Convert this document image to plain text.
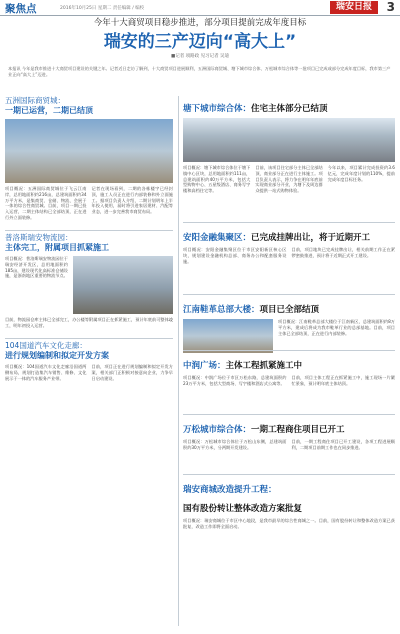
聚焦点	2016年10月25日 星期二 责任编辑 / 编校	瑞安日报	3
今年十大商贸项目稳步推进，部分项目提前完成年度目标
瑞安的三产迈向“高大上”
■记者 项路政 见习记者 吴迪
本报讯 今年是我市推进十大商贸项目建设的关键之年。记者近日走访了解到，十大商贸项目进展顺利，五洲国际商贸城、塘下城市综合体、万松城市综合体等一批项目已完成或部分完成年度目标，我市第三产业正向“高大上”迈进。
五洲国际商贸城：
一期已运营，二期已结顶
项目概况：五洲国际商贸城位于飞云江南岸，总用地面积约216亩，总建筑面积约34万平方米，是集商贸、仓储、物流、会展于一体的综合性商贸城。目前，项目一期已投入运营，二期主体结构已全部结顶，正在进行外立面装修。
记者在现场看到，二期的各栋楼宇已经封顶，施工人员正在进行内部装修和外立面施工。据项目负责人介绍，二期计划明年上半年投入使用，届时将引进家居建材、汽配等业态，进一步完善我市商贸布局。
普洛斯瑞安物流园：
主体完工，附属项目抓紧施工
项目概况：普洛斯瑞安物流园位于瑞安经济开发区，总用地面积约185亩，建设现代化高标准仓储设施，是浙南地区重要的物流节点。
目前，物流园仓库主体已全部完工，办公楼等附属项目正在抓紧施工，预计年底前可整体竣工，明年初投入运营。
104国道汽车文化走廊：
进行规划编制和拟定开发方案
项目概况：104国道汽车文化走廊沿国道两侧布局，规划打造集汽车销售、维修、文化展示于一体的汽车服务产业带。
目前，项目正在进行规划编制和拟定开发方案，相关部门正积极对接意向企业，力争早日启动建设。
塘下城市综合体：住宅主体部分已结顶
项目概况：塘下城市综合体位于塘下镇中心区块，总用地面积约111亩，总建筑面积约40万平方米，包括大型购物中心、五星级酒店、商务写字楼和高档住宅等。
目前，该项目住宅部分主体已全部结顶，商业部分正在进行主体施工。项目负责人表示，将力争在明年年底前实现商业部分开业，为塘下及周边群众提供一站式购物体验。
今年以来，项目累计完成投资约3.6亿元，完成年度计划的110%，提前完成年度目标任务。
安阳金融集聚区：已完成挂牌出让，将于近期开工
项目概况：安阳金融集聚区位于市区安阳新区核心区块，规划建设金融机构总部、商务办公和配套服务设施。
目前，项目地块已完成挂牌出让，相关前期工作正在紧锣密鼓推进，预计将于近期正式开工建设。
江南鞋革总部大楼：项目已全部结顶
项目概况：江南鞋革总部大楼位于江南新区，总建筑面积约8万平方米，建成后将成为我市鞋革行业的总部基地。目前，项目主体已全部结顶，正在进行内部装修。
中润广场：主体工程抓紧施工中
项目概况：中润广场位于市区万松东路，总建筑面积约23万平方米，包括大型商场、写字楼和酒店式公寓等。
目前，项目主体工程正在抓紧施工中，施工现场一片繁忙景象，预计明年底主体结顶。
万松城市综合体：一期工程商住项目已开工
项目概况：万松城市综合体位于万松山东侧，总建筑面积约30万平方米，分两期开发建设。
目前，一期工程商住项目已开工建设，各项工程进展顺利，二期项目前期工作也在同步推进。
瑞安商城改造提升工程：国有股份转让整体改造方案批复
项目概况：瑞安商城位于市区中心地段，是我市最早的综合性商城之一。目前，国有股份转让和整体改造方案已获批复，改造工作即将全面启动。
